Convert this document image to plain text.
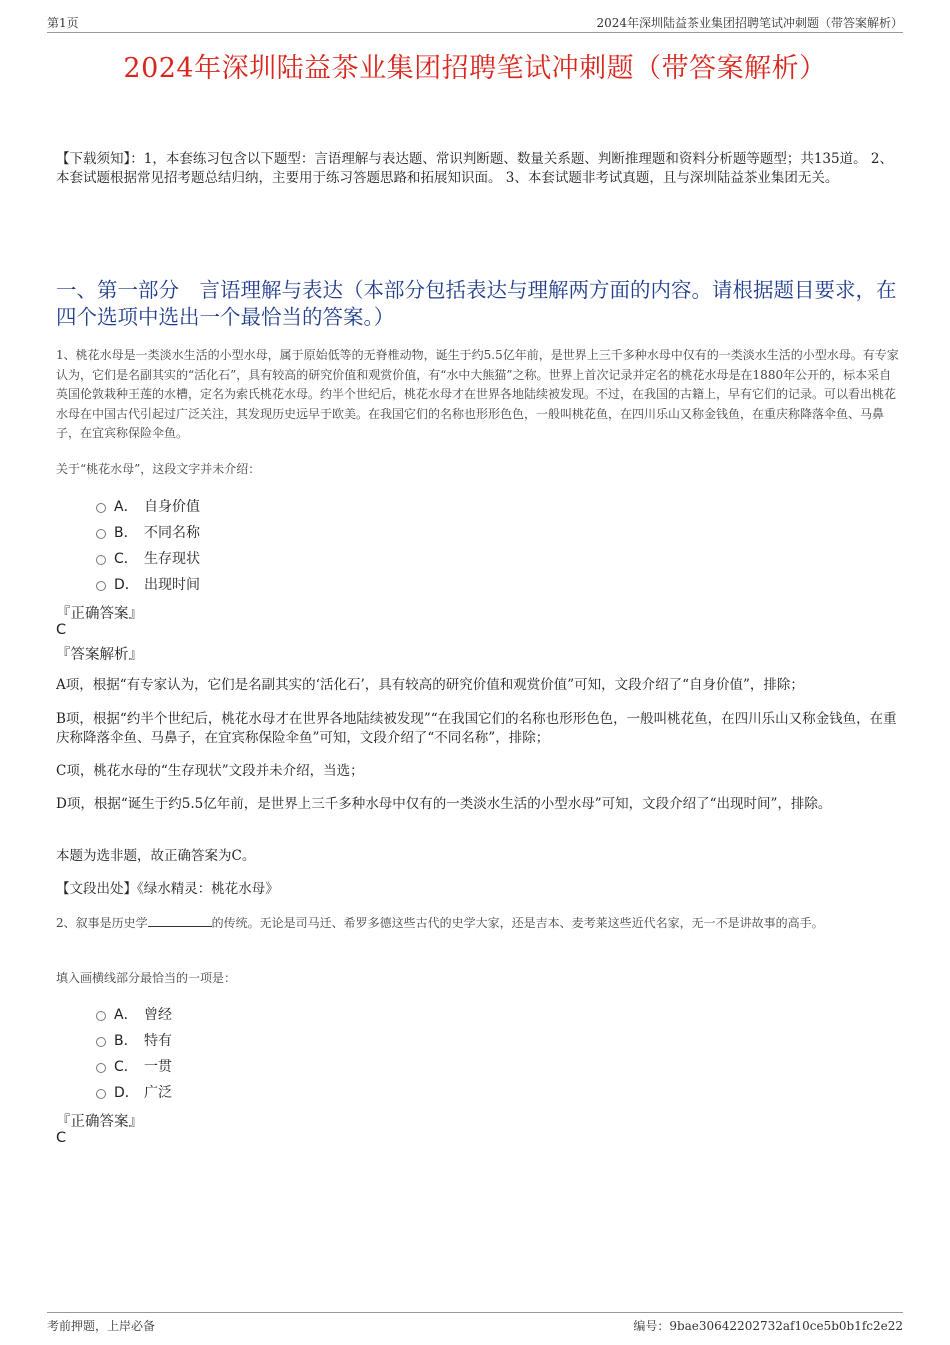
第1页	2024年深圳陆益茶业集团招聘笔试冲刺题（带答案解析）
2024年深圳陆益茶业集团招聘笔试冲刺题（带答案解析）
【下载须知】：1，本套练习包含以下题型：言语理解与表达题、常识判断题、数量关系题、判断推理题和资料分析题等题型；共135道。 2、本套试题根据常见招考题总结归纳，主要用于练习答题思路和拓展知识面。 3、本套试题非考试真题，且与深圳陆益茶业集团无关。
一、第一部分　言语理解与表达（本部分包括表达与理解两方面的内容。请根据题目要求，在四个选项中选出一个最恰当的答案。）
1、桃花水母是一类淡水生活的小型水母，属于原始低等的无脊椎动物，诞生于约5.5亿年前，是世界上三千多种水母中仅有的一类淡水生活的小型水母。有专家认为，它们是名副其实的“活化石”，具有较高的研究价值和观赏价值，有“水中大熊猫”之称。世界上首次记录并定名的桃花水母是在1880年公开的，标本采自英国伦敦栽种王莲的水槽，定名为索氏桃花水母。约半个世纪后，桃花水母才在世界各地陆续被发现。不过，在我国的古籍上，早有它们的记录。可以看出桃花水母在中国古代引起过广泛关注，其发现历史远早于欧美。在我国它们的名称也形形色色，一般叫桃花鱼，在四川乐山又称金钱鱼，在重庆称降落伞鱼、马鼻子，在宜宾称保险伞鱼。
关于“桃花水母”，这段文字并未介绍：
A． 自身价值
B． 不同名称
C． 生存现状
D． 出现时间
『正确答案』
C
『答案解析』
A项，根据“有专家认为，它们是名副其实的‘活化石’，具有较高的研究价值和观赏价值”可知，文段介绍了“自身价值”，排除；
B项，根据“约半个世纪后，桃花水母才在世界各地陆续被发现”“在我国它们的名称也形形色色，一般叫桃花鱼，在四川乐山又称金钱鱼，在重庆称降落伞鱼、马鼻子，在宜宾称保险伞鱼”可知，文段介绍了“不同名称”，排除；
C项，桃花水母的“生存现状”文段并未介绍，当选；
D项，根据“诞生于约5.5亿年前，是世界上三千多种水母中仅有的一类淡水生活的小型水母”可知，文段介绍了“出现时间”，排除。
本题为选非题，故正确答案为C。
【文段出处】《绿水精灵：桃花水母》
2、叙事是历史学	的传统。无论是司马迁、希罗多德这些古代的史学大家，还是吉本、麦考莱这些近代名家，无一不是讲故事的高手。
填入画横线部分最恰当的一项是：
A． 曾经
B． 特有
C． 一贯
D． 广泛
『正确答案』
C
考前押题，上岸必备	编号：9bae30642202732af10ce5b0b1fc2e22
